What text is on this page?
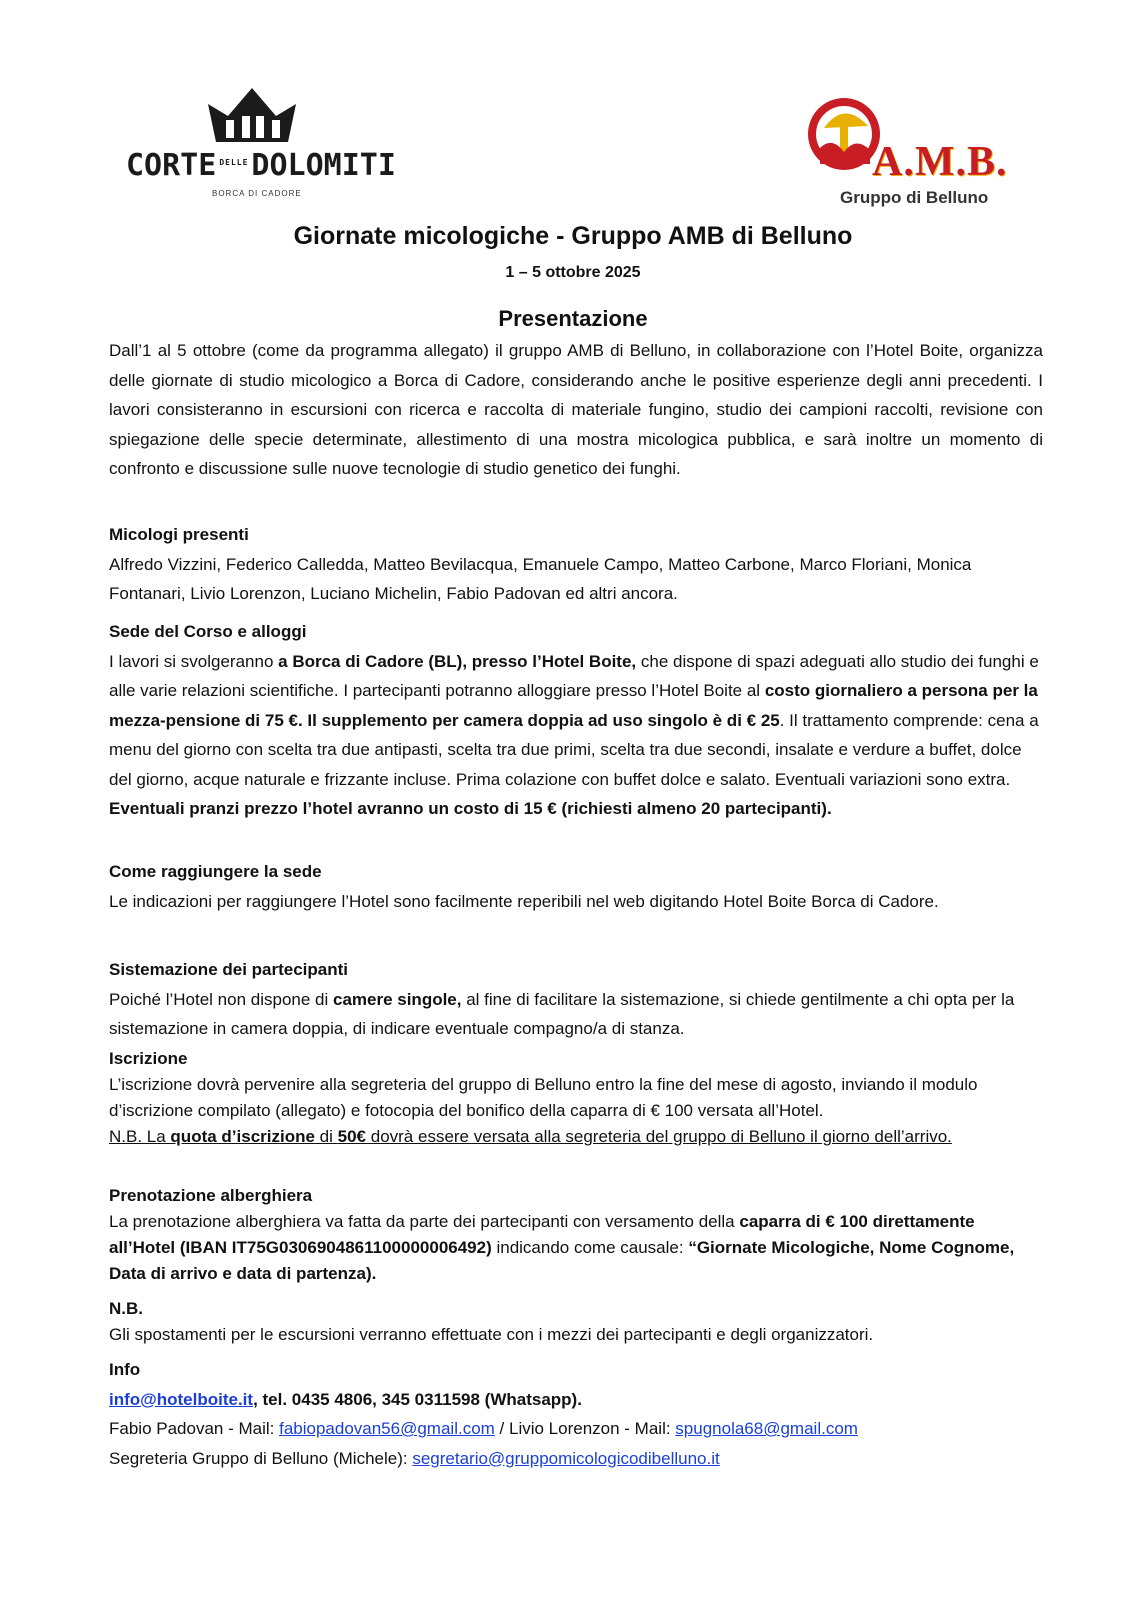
CORTE $^{DELLE}$ DOLOMITI
BORCA DI CADORE
A.M.B.
Gruppo di Belluno
Giornate micologiche - Gruppo AMB di Belluno
1 – 5 ottobre 2025
Presentazione

Dall’1 al 5 ottobre (come da programma allegato) il gruppo AMB di Belluno, in collaborazione con l’Hotel Boite, organizza delle giornate di studio micologico a Borca di Cadore, considerando anche le positive esperienze degli anni precedenti. I lavori consisteranno in escursioni con ricerca e raccolta di materiale fungino, studio dei campioni raccolti, revisione con spiegazione delle specie determinate, allestimento di una mostra micologica pubblica, e sarà inoltre un momento di confronto e discussione sulle nuove tecnologie di studio genetico dei funghi.

Micologi presenti
Alfredo Vizzini, Federico Calledda, Matteo Bevilacqua, Emanuele Campo, Matteo Carbone, Marco Floriani, Monica Fontanari, Livio Lorenzon, Luciano Michelin, Fabio Padovan ed altri ancora.
Sede del Corso e alloggi
I lavori si svolgeranno a Borca di Cadore (BL), presso l’Hotel Boite, che dispone di spazi adeguati allo studio dei funghi e alle varie relazioni scientifiche. I partecipanti potranno alloggiare presso l’Hotel Boite al costo giornaliero a persona per la mezza-pensione di 75 €. Il supplemento per camera doppia ad uso singolo è di € 25. Il trattamento comprende: cena a menu del giorno con scelta tra due antipasti, scelta tra due primi, scelta tra due secondi, insalate e verdure a buffet, dolce del giorno, acque naturale e frizzante incluse. Prima colazione con buffet dolce e salato. Eventuali variazioni sono extra. Eventuali pranzi prezzo l’hotel avranno un costo di 15 € (richiesti almeno 20 partecipanti).
Come raggiungere la sede
Le indicazioni per raggiungere l’Hotel sono facilmente reperibili nel web digitando Hotel Boite Borca di Cadore.
Sistemazione dei partecipanti
Poiché l’Hotel non dispone di camere singole, al fine di facilitare la sistemazione, si chiede gentilmente a chi opta per la sistemazione in camera doppia, di indicare eventuale compagno/a di stanza.
Iscrizione
L’iscrizione dovrà pervenire alla segreteria del gruppo di Belluno entro la fine del mese di agosto, inviando il modulo d’iscrizione compilato (allegato) e fotocopia del bonifico della caparra di € 100 versata all’Hotel.
N.B. La quota d’iscrizione di 50€ dovrà essere versata alla segreteria del gruppo di Belluno il giorno dell’arrivo.
Prenotazione alberghiera
La prenotazione alberghiera va fatta da parte dei partecipanti con versamento della caparra di € 100 direttamente all’Hotel (IBAN IT75G0306904861100000006492) indicando come causale: “Giornate Micologiche, Nome Cognome, Data di arrivo e data di partenza).
N.B.
Gli spostamenti per le escursioni verranno effettuate con i mezzi dei partecipanti e degli organizzatori.
Info
info@hotelboite.it, tel. 0435 4806, 345 0311598 (Whatsapp).
Fabio Padovan - Mail: fabiopadovan56@gmail.com / Livio Lorenzon - Mail: spugnola68@gmail.com
Segreteria Gruppo di Belluno (Michele): segretario@gruppomicologicodibelluno.it
